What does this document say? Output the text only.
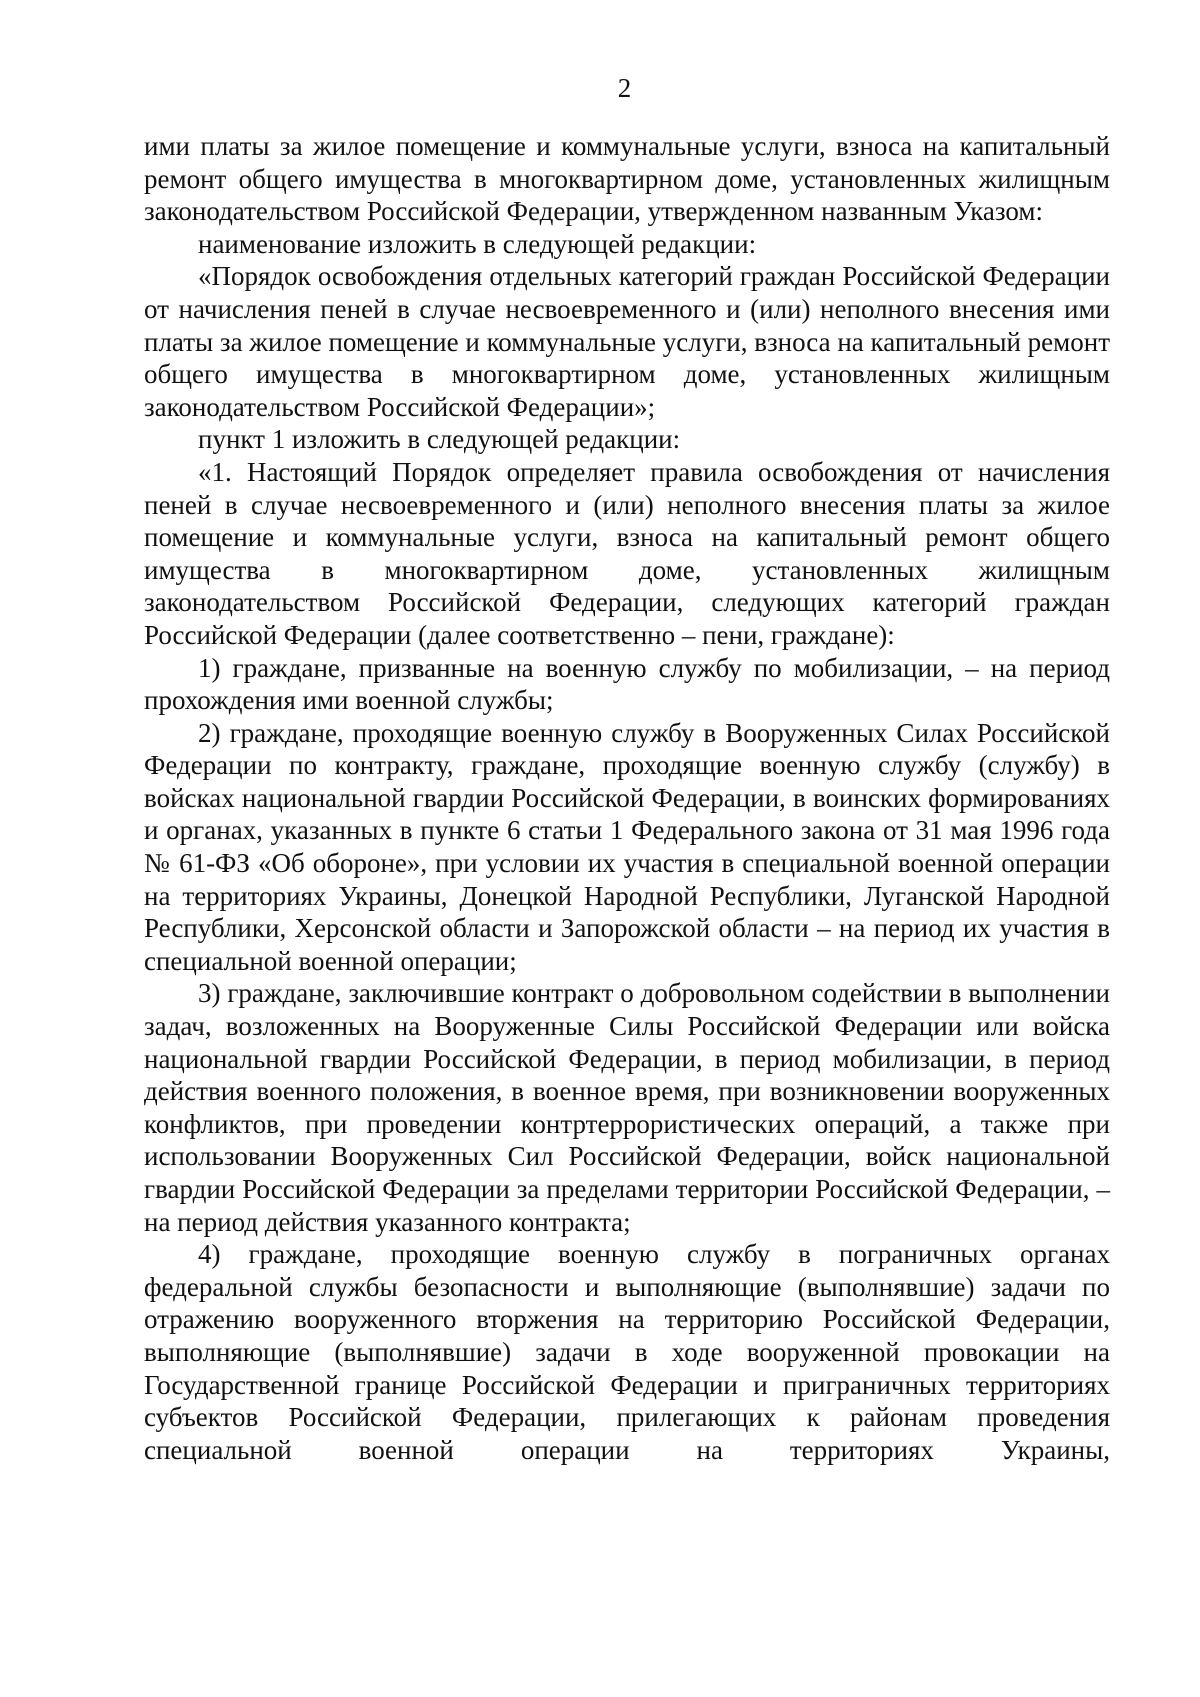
2

ими платы за жилое помещение и коммунальные услуги, взноса на капитальный ремонт общего имущества в многоквартирном доме, установленных жилищным законодательством Российской Федерации, утвержденном названным Указом:

наименование изложить в следующей редакции:

«Порядок освобождения отдельных категорий граждан Российской Федерации от начисления пеней в случае несвоевременного и (или) неполного внесения ими платы за жилое помещение и коммунальные услуги, взноса на капитальный ремонт общего имущества в многоквартирном доме, установленных жилищным законодательством Российской Федерации»;

пункт 1 изложить в следующей редакции:

«1. Настоящий Порядок определяет правила освобождения от начисления пеней в случае несвоевременного и (или) неполного внесения платы за жилое помещение и коммунальные услуги, взноса на капитальный ремонт общего имущества в многоквартирном доме, установленных жилищным законодательством Российской Федерации, следующих категорий граждан Российской Федерации (далее соответственно – пени, граждане):

1) граждане, призванные на военную службу по мобилизации, – на период прохождения ими военной службы;

2) граждане, проходящие военную службу в Вооруженных Силах Российской Федерации по контракту, граждане, проходящие военную службу (службу) в войсках национальной гвардии Российской Федерации, в воинских формированиях и органах, указанных в пункте 6 статьи 1 Федерального закона от 31 мая 1996 года № 61-ФЗ «Об обороне», при условии их участия в специальной военной операции на территориях Украины, Донецкой Народной Республики, Луганской Народной Республики, Херсонской области и Запорожской области – на период их участия в специальной военной операции;

3) граждане, заключившие контракт о добровольном содействии в выполнении задач, возложенных на Вооруженные Силы Российской Федерации или войска национальной гвардии Российской Федерации, в период мобилизации, в период действия военного положения, в военное время, при возникновении вооруженных конфликтов, при проведении контртеррористических операций, а также при использовании Вооруженных Сил Российской Федерации, войск национальной гвардии Российской Федерации за пределами территории Российской Федерации, – на период действия указанного контракта;

4) граждане, проходящие военную службу в пограничных органах федеральной службы безопасности и выполняющие (выполнявшие) задачи по отражению вооруженного вторжения на территорию Российской Федерации, выполняющие (выполнявшие) задачи в ходе вооруженной провокации на Государственной границе Российской Федерации и приграничных территориях субъектов Российской Федерации, прилегающих к районам проведения специальной военной операции на территориях Украины,
